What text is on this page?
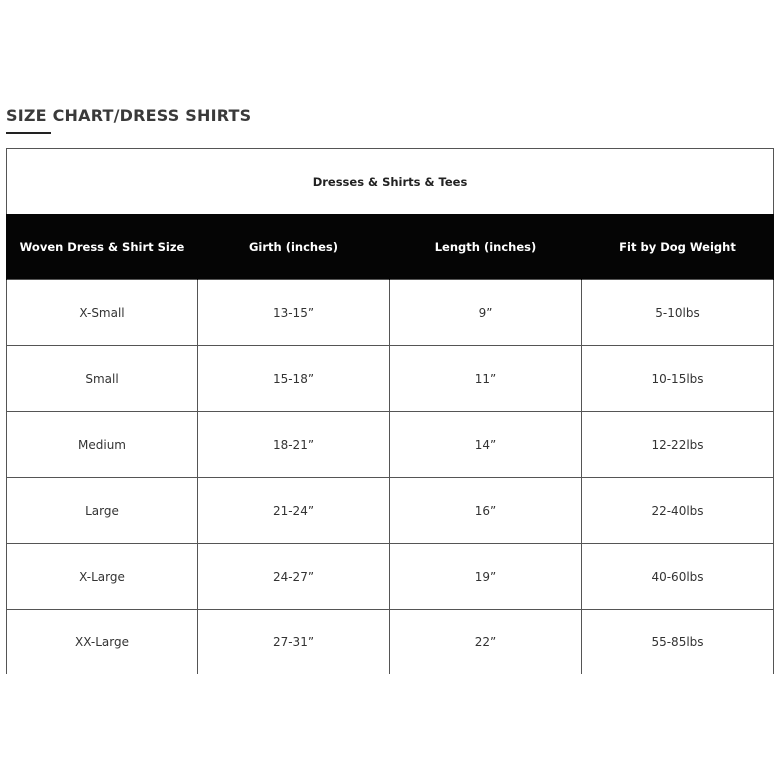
SIZE CHART/DRESS SHIRTS
Dresses & Shirts & Tees			
Woven Dress & Shirt Size	Girth (inches)	Length (inches)	Fit by Dog Weight
X-Small	13-15”	9”	5-10lbs
Small	15-18”	11”	10-15lbs
Medium	18-21”	14”	12-22lbs
Large	21-24”	16”	22-40lbs
X-Large	24-27”	19”	40-60lbs
XX-Large	27-31”	22”	55-85lbs
